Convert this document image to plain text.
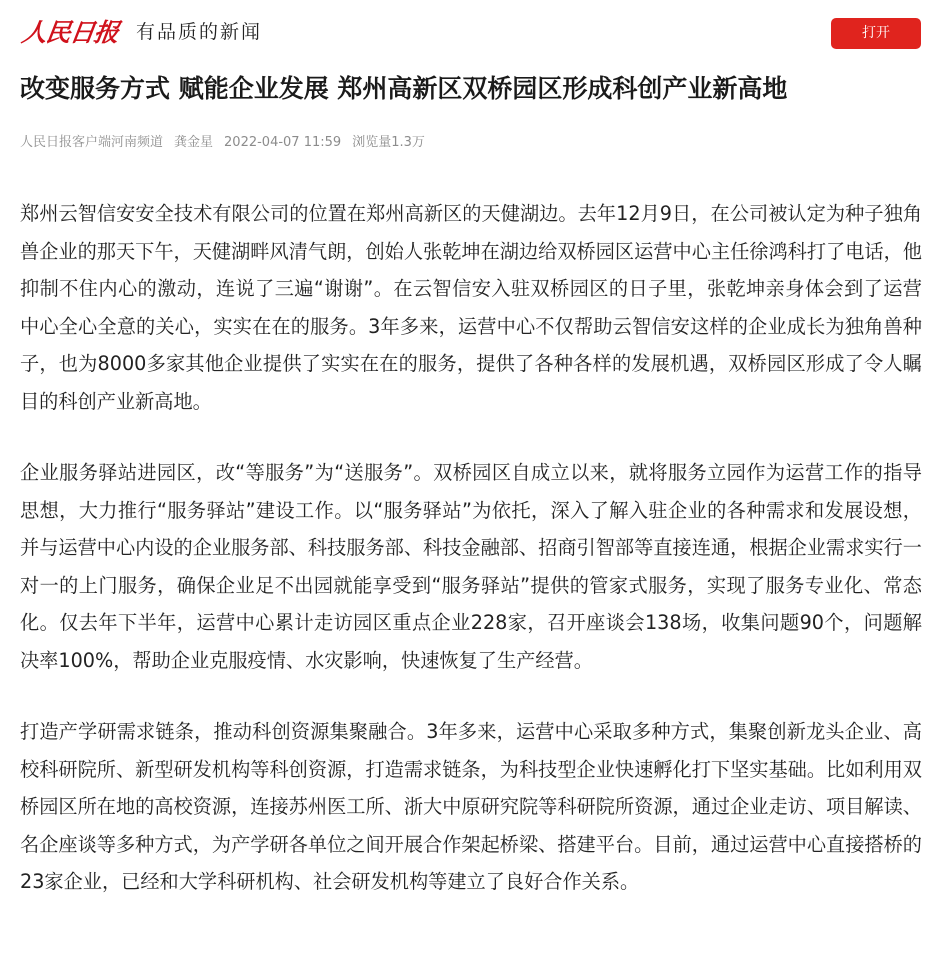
人民日报 有品质的新闻	打开
改变服务方式 赋能企业发展 郑州高新区双桥园区形成科创产业新高地
人民日报客户端河南频道 龚金星 2022-04-07 11:59 浏览量1.3万

郑州云智信安安全技术有限公司的位置在郑州高新区的天健湖边。去年12月9日，在公司被认定为种子独角兽企业的那天下午，天健湖畔风清气朗，创始人张乾坤在湖边给双桥园区运营中心主任徐鸿科打了电话，他抑制不住内心的激动，连说了三遍“谢谢”。在云智信安入驻双桥园区的日子里，张乾坤亲身体会到了运营中心全心全意的关心，实实在在的服务。3年多来，运营中心不仅帮助云智信安这样的企业成长为独角兽种子，也为8000多家其他企业提供了实实在在的服务，提供了各种各样的发展机遇，双桥园区形成了令人瞩目的科创产业新高地。

企业服务驿站进园区，改“等服务”为“送服务”。双桥园区自成立以来，就将服务立园作为运营工作的指导思想，大力推行“服务驿站”建设工作。以“服务驿站”为依托，深入了解入驻企业的各种需求和发展设想，并与运营中心内设的企业服务部、科技服务部、科技金融部、招商引智部等直接连通，根据企业需求实行一对一的上门服务，确保企业足不出园就能享受到“服务驿站”提供的管家式服务，实现了服务专业化、常态化。仅去年下半年，运营中心累计走访园区重点企业228家，召开座谈会138场，收集问题90个，问题解决率100%，帮助企业克服疫情、水灾影响，快速恢复了生产经营。

打造产学研需求链条，推动科创资源集聚融合。3年多来，运营中心采取多种方式，集聚创新龙头企业、高校科研院所、新型研发机构等科创资源，打造需求链条，为科技型企业快速孵化打下坚实基础。比如利用双桥园区所在地的高校资源，连接苏州医工所、浙大中原研究院等科研院所资源，通过企业走访、项目解读、名企座谈等多种方式，为产学研各单位之间开展合作架起桥梁、搭建平台。目前，通过运营中心直接搭桥的23家企业，已经和大学科研机构、社会研发机构等建立了良好合作关系。
